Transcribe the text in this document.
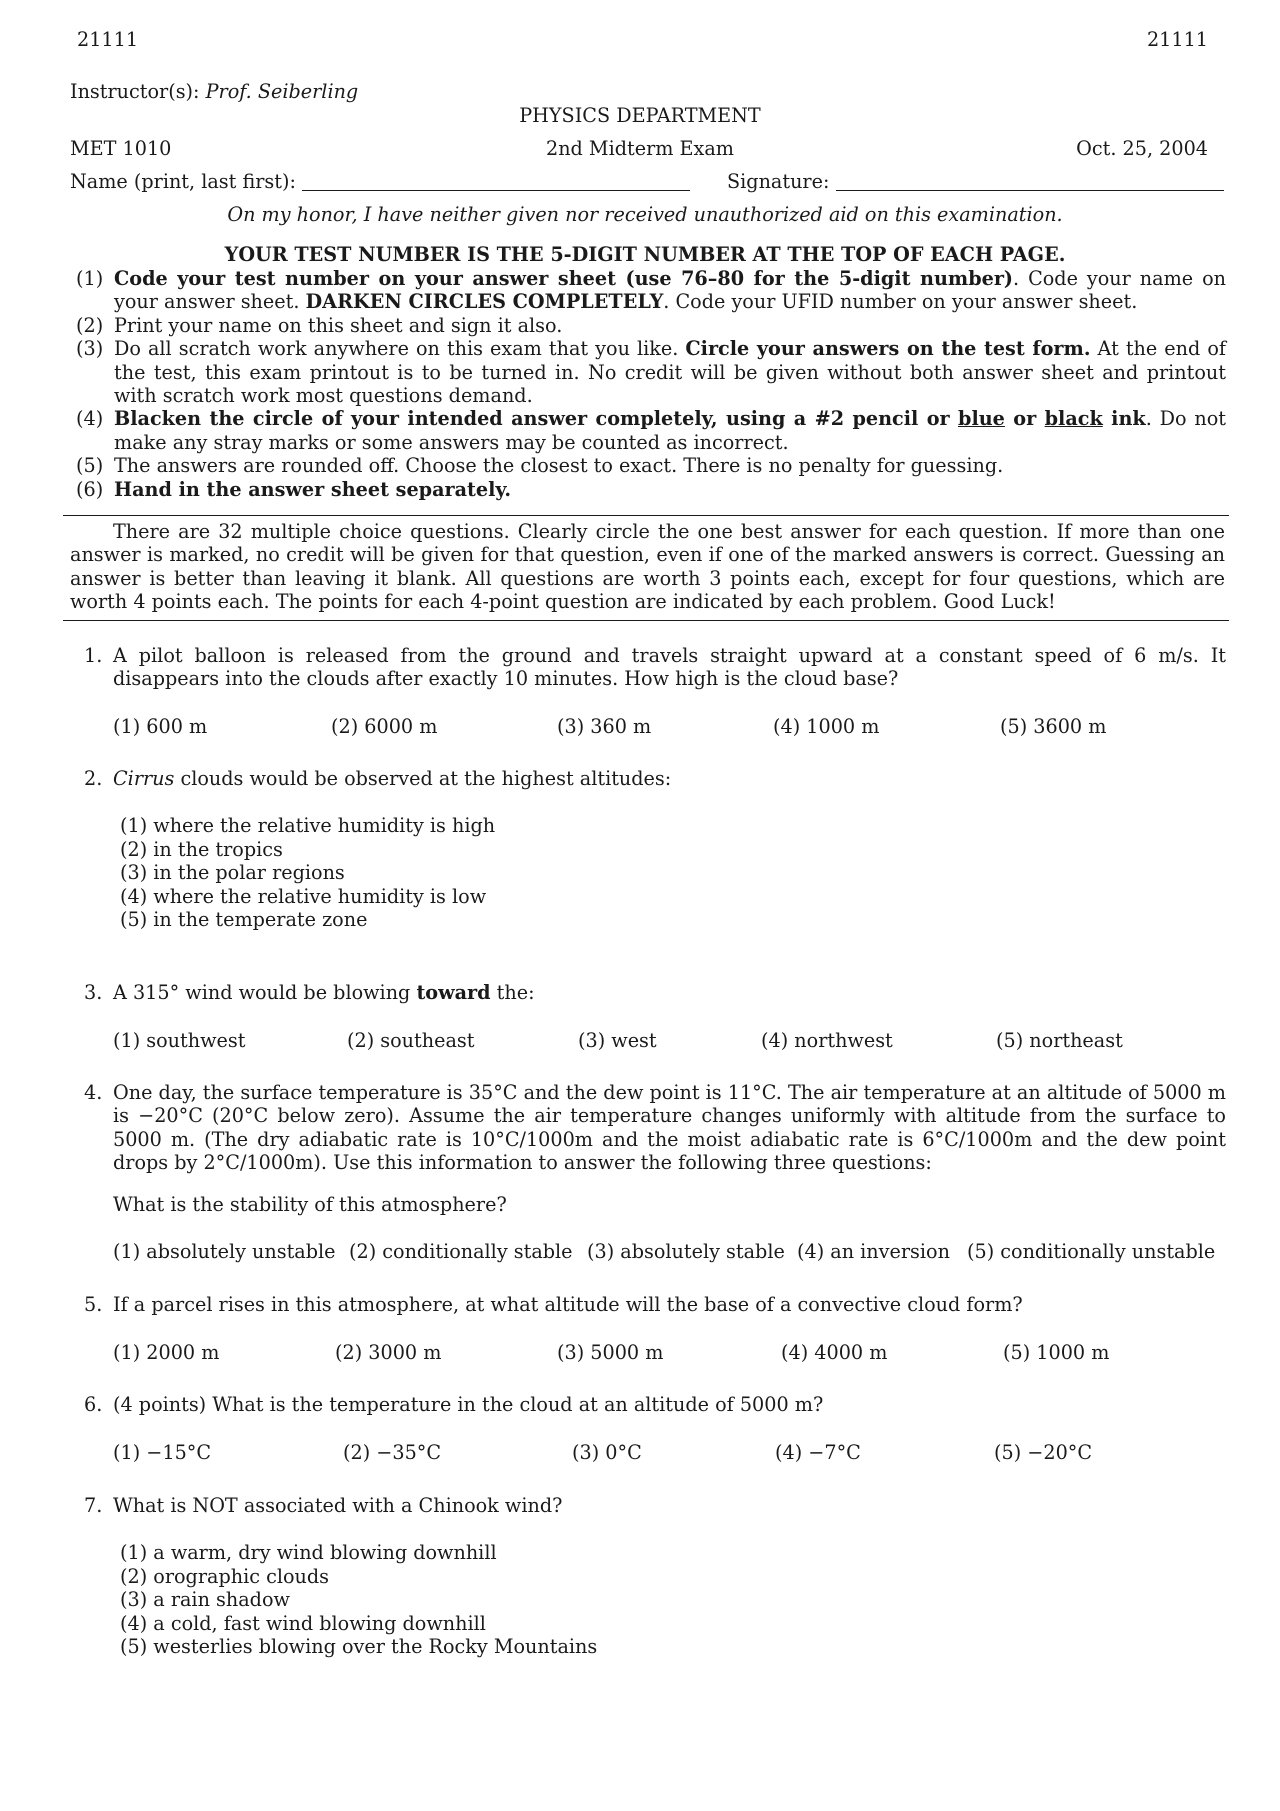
21111	21111
Instructor(s): Prof. Seiberling
PHYSICS DEPARTMENT
MET 1010	2nd Midterm Exam	Oct. 25, 2004
Name (print, last first):	Signature:
On my honor, I have neither given nor received unauthorized aid on this examination.
YOUR TEST NUMBER IS THE 5-DIGIT NUMBER AT THE TOP OF EACH PAGE.
(1) Code your test number on your answer sheet (use 76–80 for the 5-digit number). Code your name on your answer sheet. DARKEN CIRCLES COMPLETELY. Code your UFID number on your answer sheet.
(2) Print your name on this sheet and sign it also.
(3) Do all scratch work anywhere on this exam that you like. Circle your answers on the test form. At the end of the test, this exam printout is to be turned in. No credit will be given without both answer sheet and printout with scratch work most questions demand.
(4) Blacken the circle of your intended answer completely, using a #2 pencil or blue or black ink. Do not make any stray marks or some answers may be counted as incorrect.
(5) The answers are rounded off. Choose the closest to exact. There is no penalty for guessing.
(6) Hand in the answer sheet separately.
There are 32 multiple choice questions. Clearly circle the one best answer for each question. If more than one answer is marked, no credit will be given for that question, even if one of the marked answers is correct. Guessing an answer is better than leaving it blank. All questions are worth 3 points each, except for four questions, which are worth 4 points each. The points for each 4-point question are indicated by each problem. Good Luck!
1. A pilot balloon is released from the ground and travels straight upward at a constant speed of 6 m/s. It disappears into the clouds after exactly 10 minutes. How high is the cloud base?
(1) 600 m	(2) 6000 m	(3) 360 m	(4) 1000 m	(5) 3600 m
2. Cirrus clouds would be observed at the highest altitudes:
(1) where the relative humidity is high
(2) in the tropics
(3) in the polar regions
(4) where the relative humidity is low
(5) in the temperate zone
3. A 315° wind would be blowing toward the:
(1) southwest	(2) southeast	(3) west	(4) northwest	(5) northeast
4. One day, the surface temperature is 35°C and the dew point is 11°C. The air temperature at an altitude of 5000 m is −20°C (20°C below zero). Assume the air temperature changes uniformly with altitude from the surface to 5000 m. (The dry adiabatic rate is 10°C/1000m and the moist adiabatic rate is 6°C/1000m and the dew point drops by 2°C/1000m). Use this information to answer the following three questions:
What is the stability of this atmosphere?
(1) absolutely unstable (2) conditionally stable (3) absolutely stable (4) an inversion (5) conditionally unstable
5. If a parcel rises in this atmosphere, at what altitude will the base of a convective cloud form?
(1) 2000 m	(2) 3000 m	(3) 5000 m	(4) 4000 m	(5) 1000 m
6. (4 points) What is the temperature in the cloud at an altitude of 5000 m?
(1) −15°C	(2) −35°C	(3) 0°C	(4) −7°C	(5) −20°C
7. What is NOT associated with a Chinook wind?
(1) a warm, dry wind blowing downhill
(2) orographic clouds
(3) a rain shadow
(4) a cold, fast wind blowing downhill
(5) westerlies blowing over the Rocky Mountains
